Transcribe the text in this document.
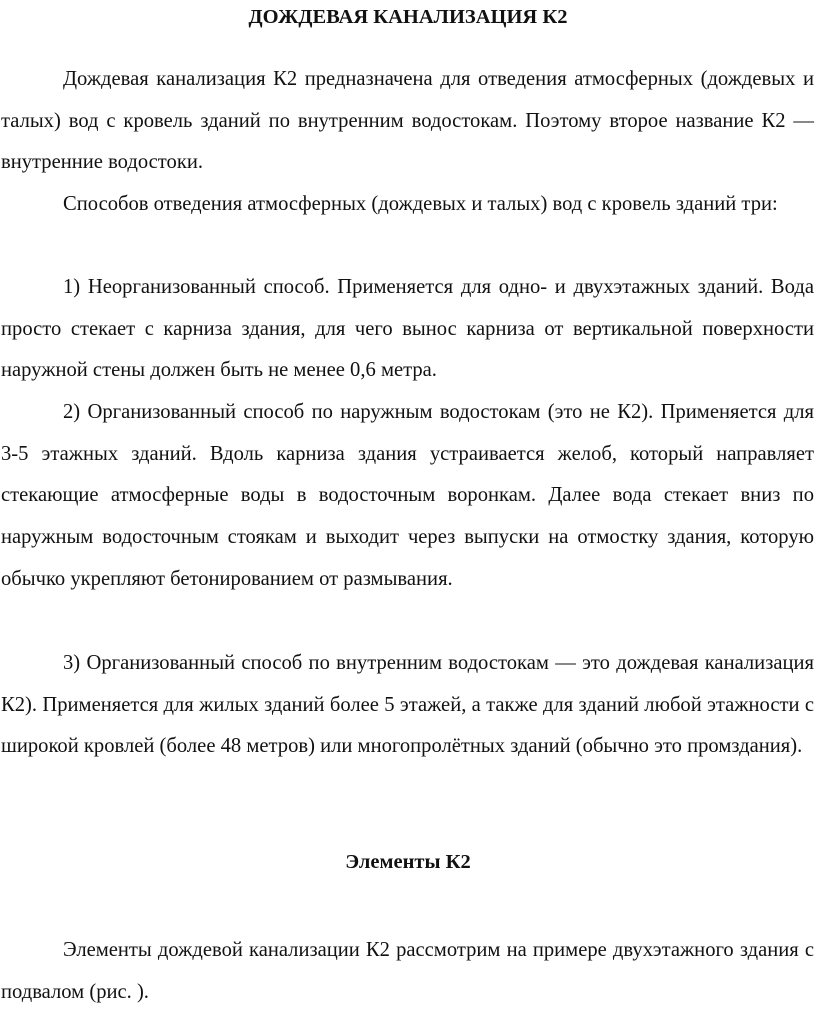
ДОЖДЕВАЯ КАНАЛИЗАЦИЯ К2

Дождевая канализация К2 предназначена для отведения атмосферных (дождевых и талых) вод с кровель зданий по внутренним водостокам. Поэтому второе название К2 — внутренние водостоки.

Способов отведения атмосферных (дождевых и талых) вод с кровель зданий три:

1) Неорганизованный способ. Применяется для одно- и двухэтажных зданий. Вода просто стекает с карниза здания, для чего вынос карниза от вертикальной поверхности наружной стены должен быть не менее 0,6 метра.

2) Организованный способ по наружным водостокам (это не К2). Применяется для 3-5 этажных зданий. Вдоль карниза здания устраивается желоб, который направляет стекающие атмосферные воды в водосточным воронкам. Далее вода стекает вниз по наружным водосточным стоякам и выходит через выпуски на отмостку здания, которую обычко укрепляют бетонированием от размывания.

3) Организованный способ по внутренним водостокам — это дождевая канализация К2). Применяется для жилых зданий более 5 этажей, а также для зданий любой этажности с широкой кровлей (более 48 метров) или многопролётных зданий (обычно это промздания).

Элементы К2

Элементы дождевой канализации К2 рассмотрим на примере двухэтажного здания с подвалом (рис. ).
